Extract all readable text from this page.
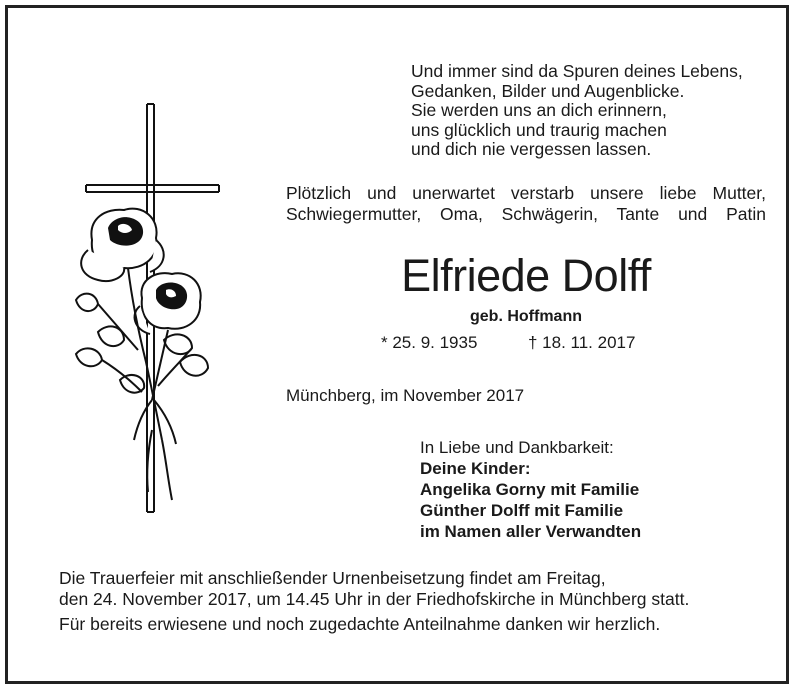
Und immer sind da Spuren deines Lebens,
Gedanken, Bilder und Augenblicke.
Sie werden uns an dich erinnern,
uns glücklich und traurig machen
und dich nie vergessen lassen.
Plötzlich und unerwartet verstarb unsere liebe Mutter,
Schwiegermutter, Oma, Schwägerin, Tante und Patin
Elfriede Dolff
geb. Hoffmann
* 25. 9. 1935	† 18. 11. 2017
Münchberg, im November 2017
In Liebe und Dankbarkeit:
Deine Kinder:
Angelika Gorny mit Familie
Günther Dolff mit Familie
im Namen aller Verwandten
Die Trauerfeier mit anschließender Urnenbeisetzung findet am Freitag,
den 24. November 2017, um 14.45 Uhr in der Friedhofskirche in Münchberg statt.
Für bereits erwiesene und noch zugedachte Anteilnahme danken wir herzlich.
